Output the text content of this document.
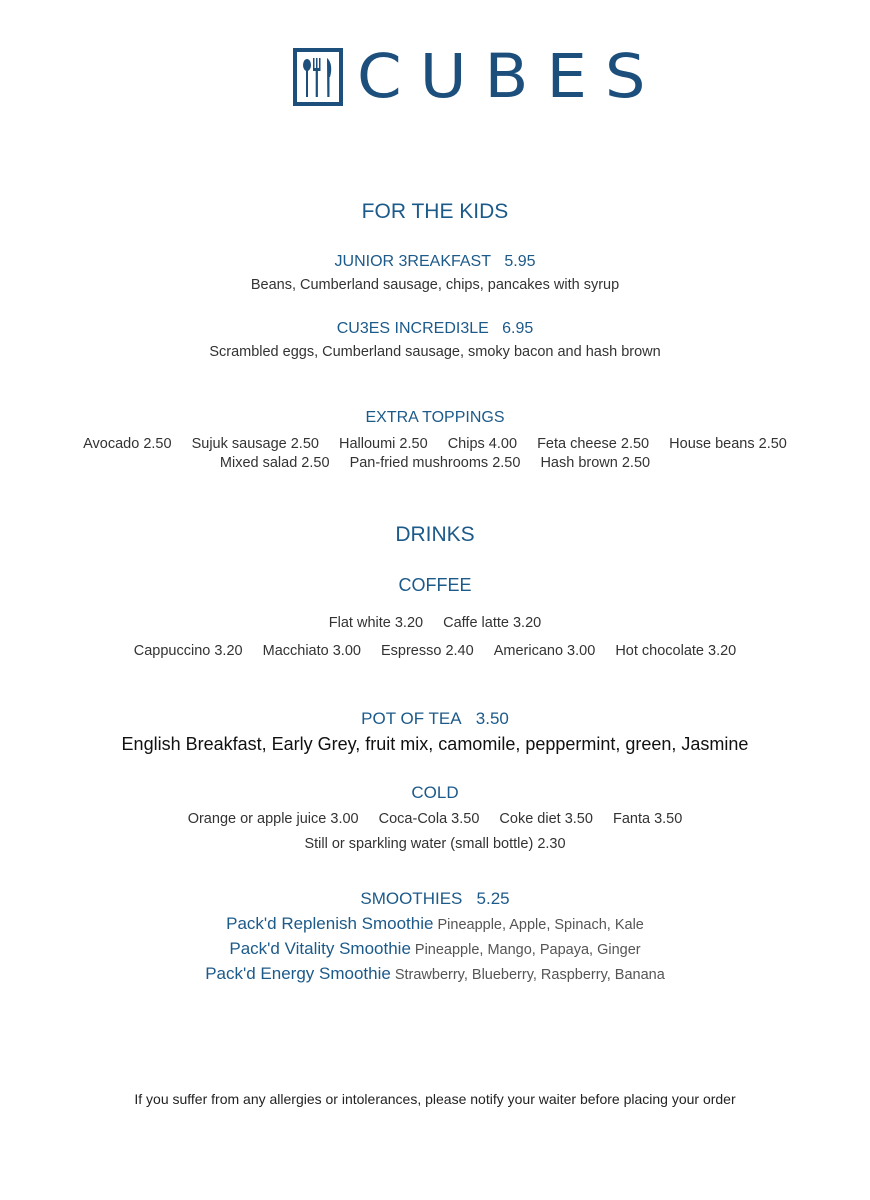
CUBES
FOR THE KIDS
JUNIOR 3REAKFAST 5.95
Beans, Cumberland sausage, chips, pancakes with syrup
CU3ES INCREDI3LE 6.95
Scrambled eggs, Cumberland sausage, smoky bacon and hash brown
EXTRA TOPPINGS
Avocado 2.50 Sujuk sausage 2.50 Halloumi 2.50 Chips 4.00 Feta cheese 2.50 House beans 2.50
Mixed salad 2.50 Pan-fried mushrooms 2.50 Hash brown 2.50
DRINKS
COFFEE
Flat white 3.20 Caffe latte 3.20
Cappuccino 3.20 Macchiato 3.00 Espresso 2.40 Americano 3.00 Hot chocolate 3.20
POT OF TEA 3.50
English Breakfast, Early Grey, fruit mix, camomile, peppermint, green, Jasmine
COLD
Orange or apple juice 3.00 Coca-Cola 3.50 Coke diet 3.50 Fanta 3.50
Still or sparkling water (small bottle) 2.30
SMOOTHIES 5.25
Pack'd Replenish Smoothie Pineapple, Apple, Spinach, Kale
Pack'd Vitality Smoothie Pineapple, Mango, Papaya, Ginger
Pack'd Energy Smoothie Strawberry, Blueberry, Raspberry, Banana
If you suffer from any allergies or intolerances, please notify your waiter before placing your order
